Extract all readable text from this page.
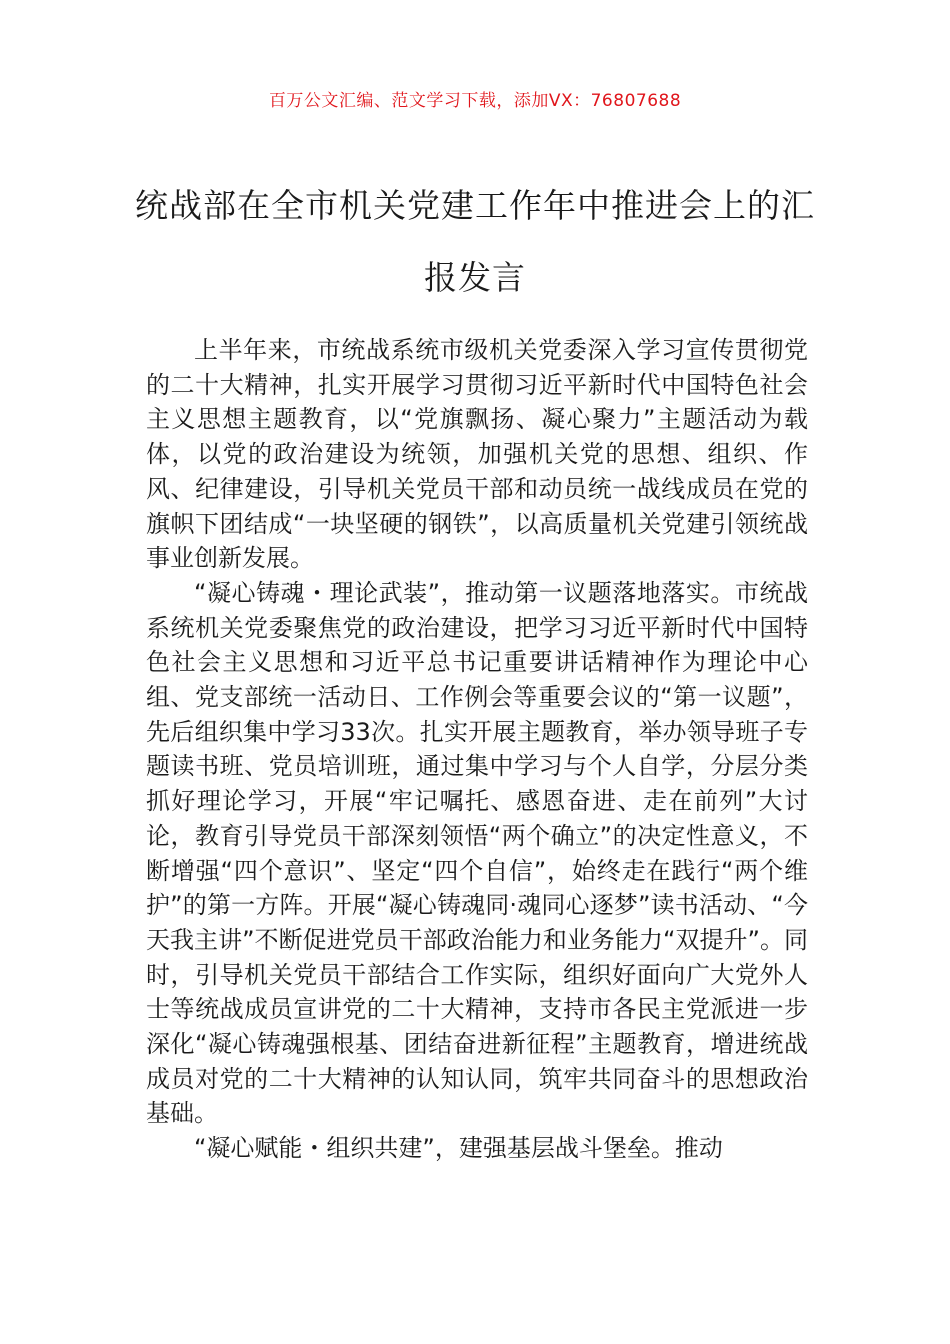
百万公文汇编、范文学习下载，添加VX：76807688
统战部在全市机关党建工作年中推进会上的汇报发言

上半年来，市统战系统市级机关党委深入学习宣传贯彻党的二十大精神，扎实开展学习贯彻习近平新时代中国特色社会主义思想主题教育，以“党旗飘扬、凝心聚力”主题活动为载体，以党的政治建设为统领，加强机关党的思想、组织、作风、纪律建设，引导机关党员干部和动员统一战线成员在党的旗帜下团结成“一块坚硬的钢铁”，以高质量机关党建引领统战事业创新发展。

“凝心铸魂・理论武装”，推动第一议题落地落实。市统战系统机关党委聚焦党的政治建设，把学习习近平新时代中国特色社会主义思想和习近平总书记重要讲话精神作为理论中心组、党支部统一活动日、工作例会等重要会议的“第一议题”，先后组织集中学习33次。扎实开展主题教育，举办领导班子专题读书班、党员培训班，通过集中学习与个人自学，分层分类抓好理论学习，开展“牢记嘱托、感恩奋进、走在前列”大讨论，教育引导党员干部深刻领悟“两个确立”的决定性意义，不断增强“四个意识”、坚定“四个自信”，始终走在践行“两个维护”的第一方阵。开展“凝心铸魂同·魂同心逐梦”读书活动、“今天我主讲”不断促进党员干部政治能力和业务能力“双提升”。同时，引导机关党员干部结合工作实际，组织好面向广大党外人士等统战成员宣讲党的二十大精神，支持市各民主党派进一步深化“凝心铸魂强根基、团结奋进新征程”主题教育，增进统战成员对党的二十大精神的认知认同，筑牢共同奋斗的思想政治基础。

“凝心赋能・组织共建”，建强基层战斗堡垒。推动
